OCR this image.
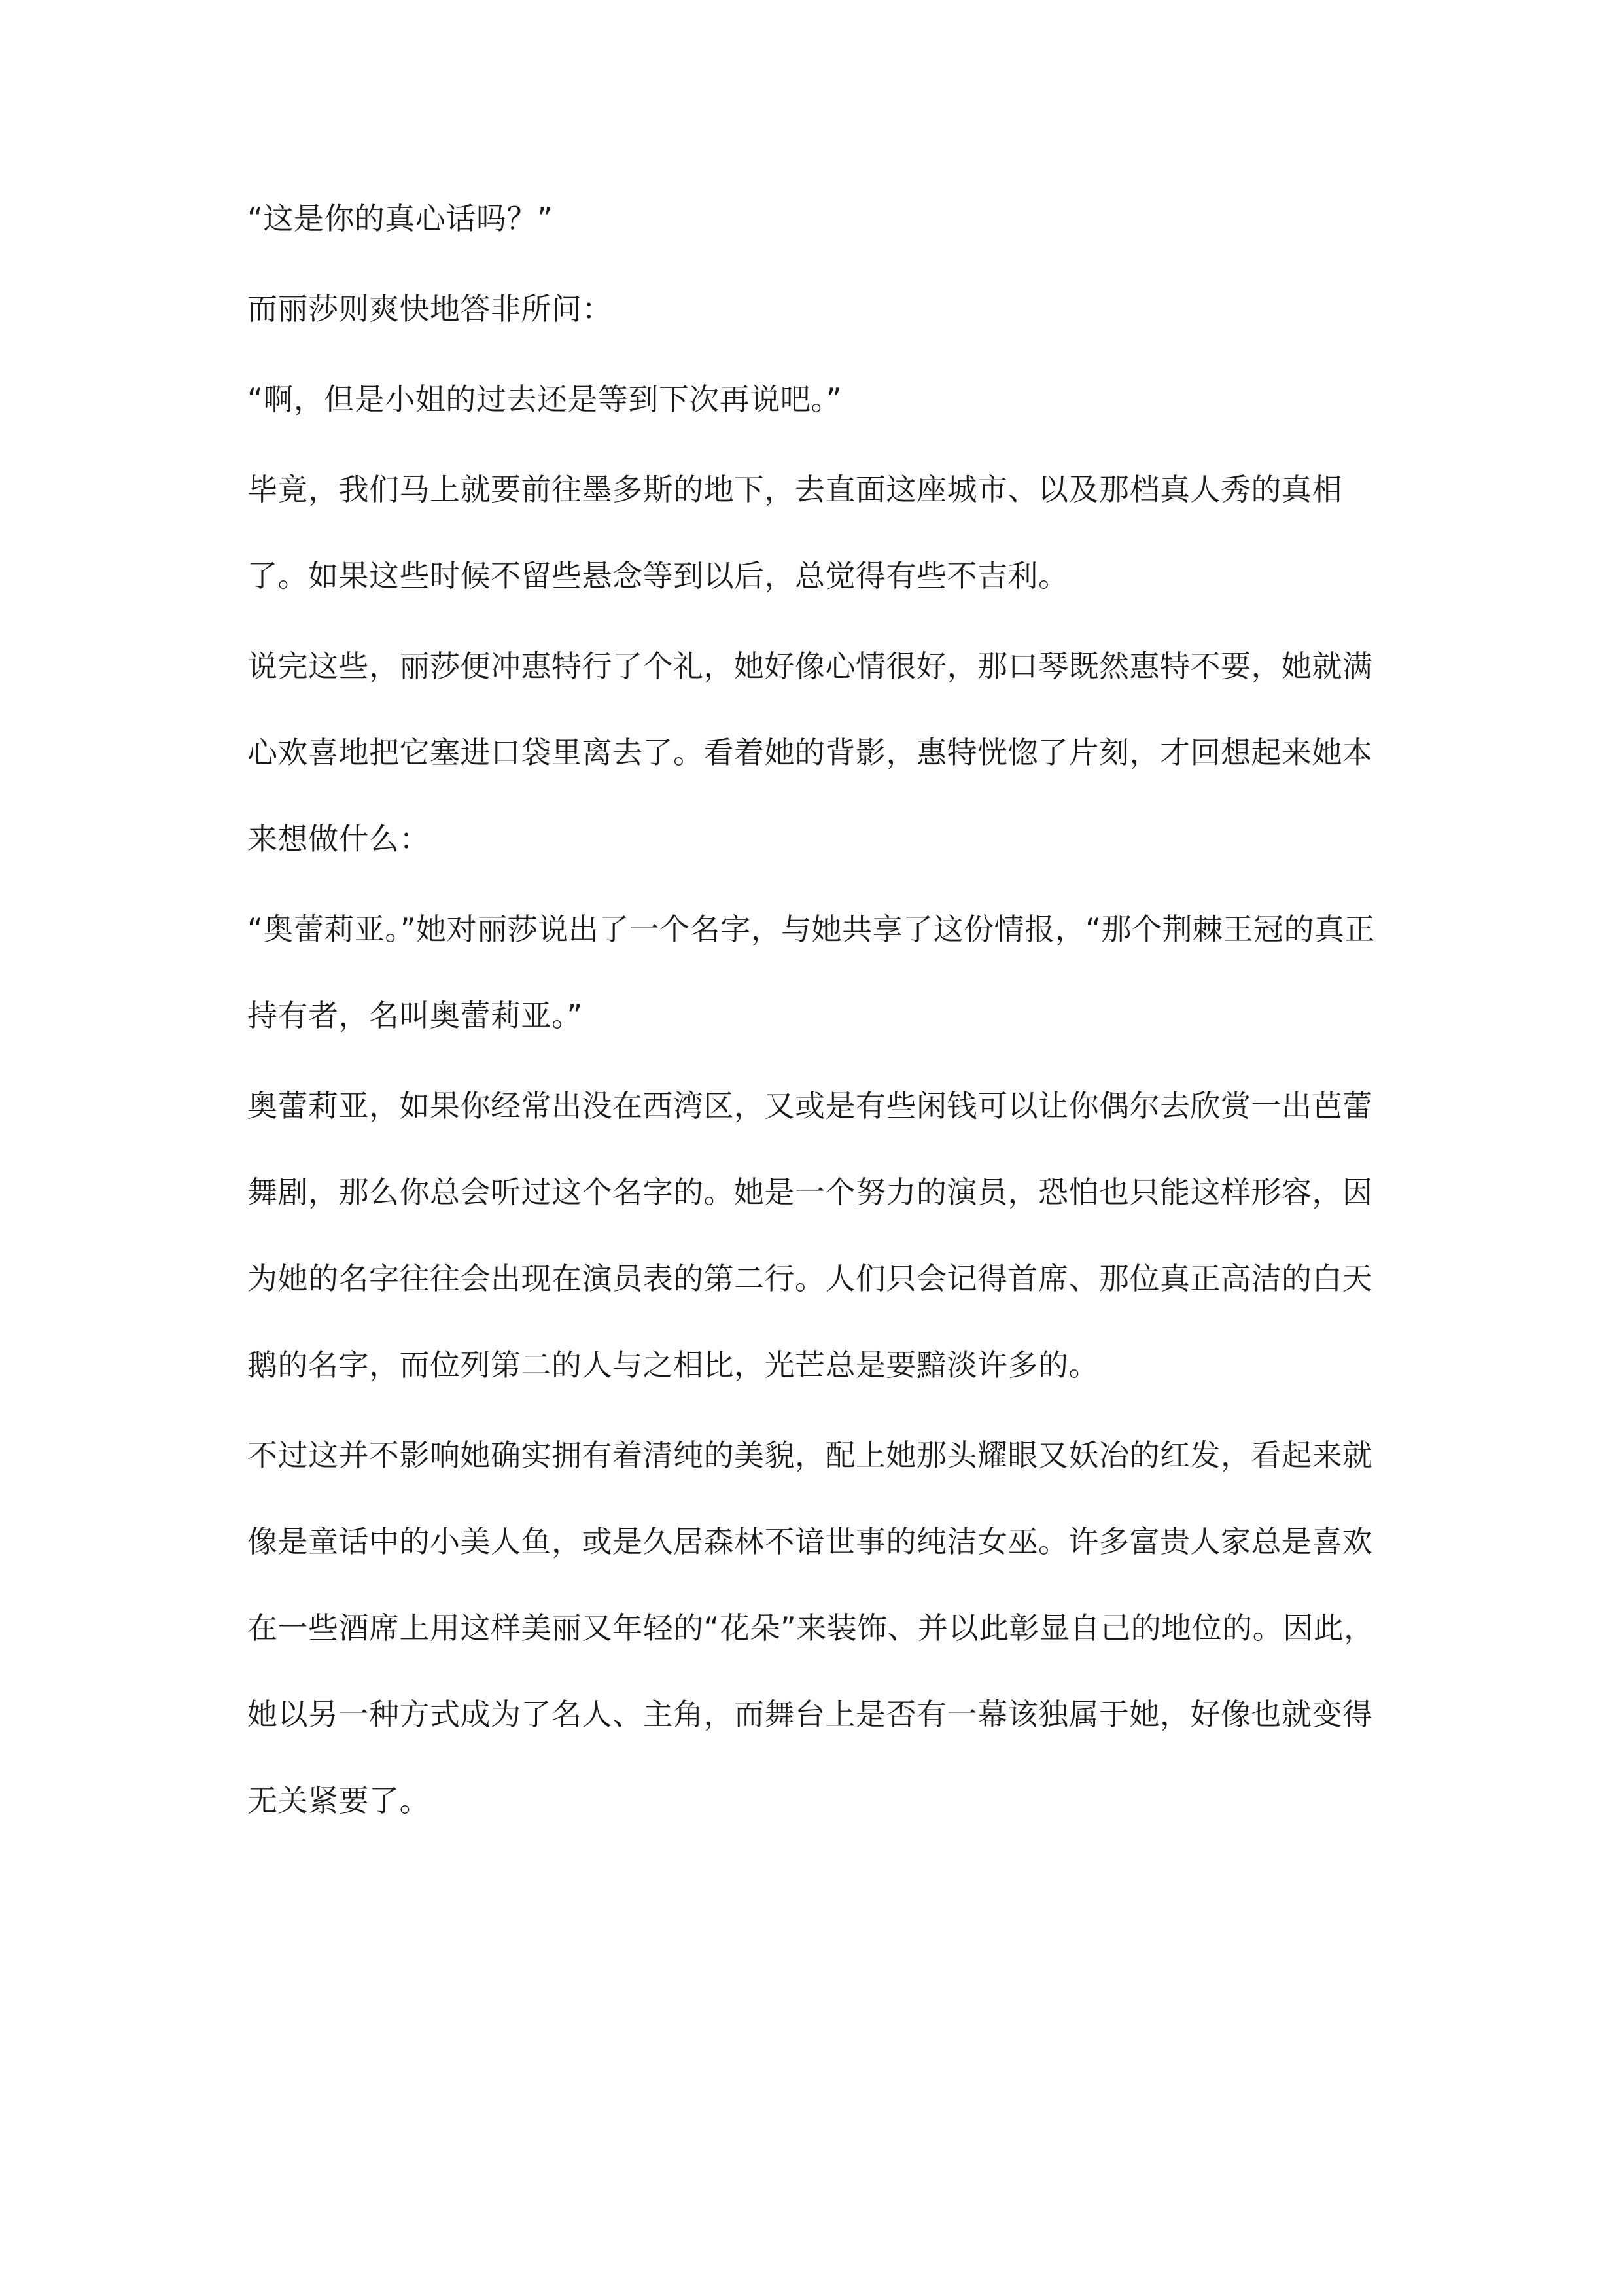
“这是你的真心话吗？”

而丽莎则爽快地答非所问：

“啊，但是小姐的过去还是等到下次再说吧。”

毕竟，我们马上就要前往墨多斯的地下，去直面这座城市、以及那档真人秀的真相了。如果这些时候不留些悬念等到以后，总觉得有些不吉利。

说完这些，丽莎便冲惠特行了个礼，她好像心情很好，那口琴既然惠特不要，她就满心欢喜地把它塞进口袋里离去了。看着她的背影，惠特恍惚了片刻，才回想起来她本来想做什么：

“奥蕾莉亚。”她对丽莎说出了一个名字，与她共享了这份情报，“那个荆棘王冠的真正持有者，名叫奥蕾莉亚。”

奥蕾莉亚，如果你经常出没在西湾区，又或是有些闲钱可以让你偶尔去欣赏一出芭蕾舞剧，那么你总会听过这个名字的。她是一个努力的演员，恐怕也只能这样形容，因为她的名字往往会出现在演员表的第二行。人们只会记得首席、那位真正高洁的白天鹅的名字，而位列第二的人与之相比，光芒总是要黯淡许多的。

不过这并不影响她确实拥有着清纯的美貌，配上她那头耀眼又妖冶的红发，看起来就像是童话中的小美人鱼，或是久居森林不谙世事的纯洁女巫。许多富贵人家总是喜欢在一些酒席上用这样美丽又年轻的“花朵”来装饰、并以此彰显自己的地位的。因此，她以另一种方式成为了名人、主角，而舞台上是否有一幕该独属于她，好像也就变得无关紧要了。
